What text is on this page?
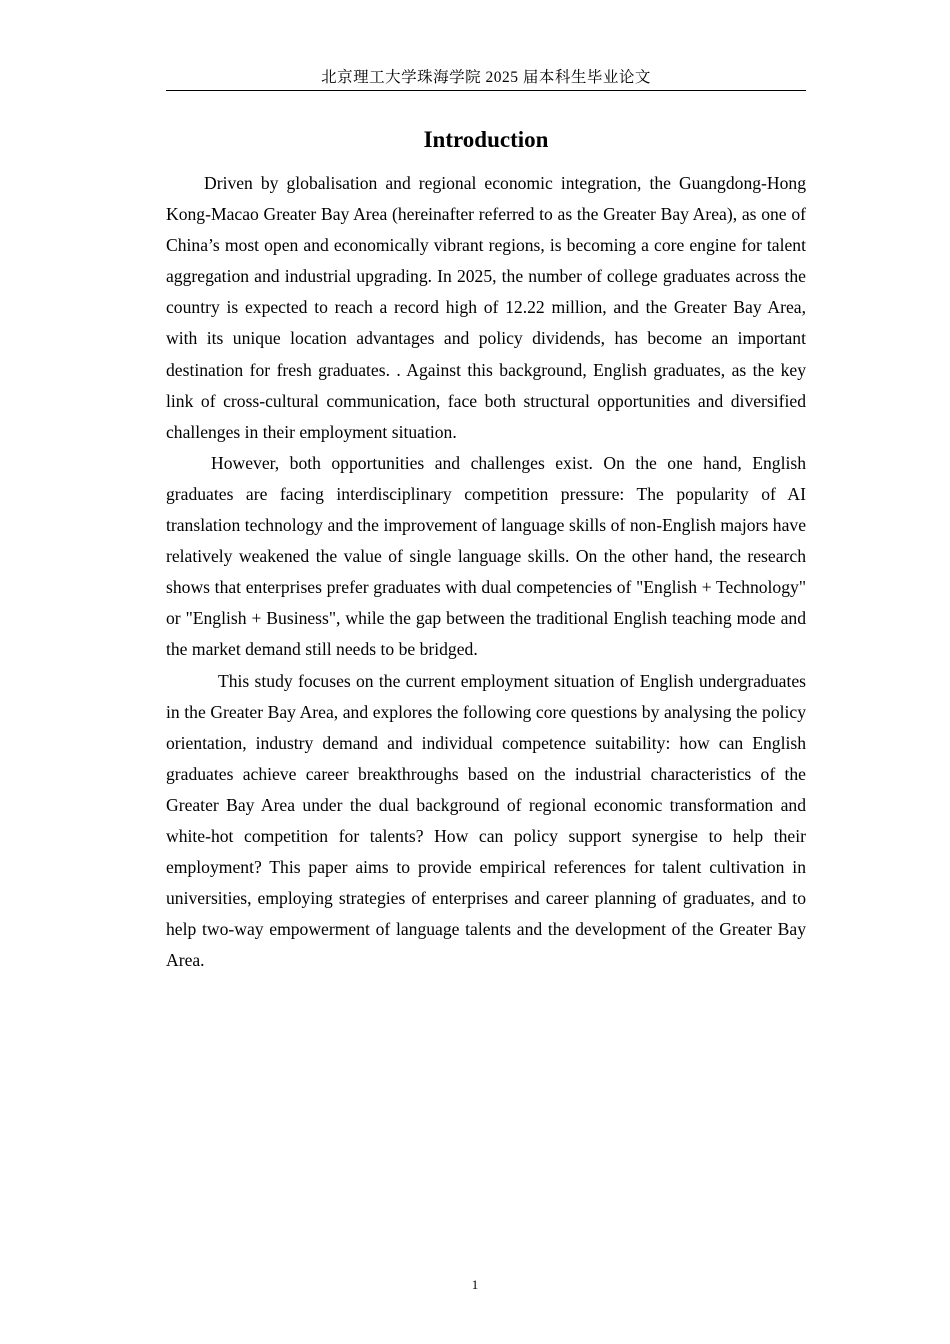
北京理工大学珠海学院 2025 届本科生毕业论文
Introduction

Driven by globalisation and regional economic integration, the Guangdong-Hong Kong-Macao Greater Bay Area (hereinafter referred to as the Greater Bay Area), as one of China’s most open and economically vibrant regions, is becoming a core engine for talent aggregation and industrial upgrading. In 2025, the number of college graduates across the country is expected to reach a record high of 12.22 million, and the Greater Bay Area, with its unique location advantages and policy dividends, has become an important destination for fresh graduates. . Against this background, English graduates, as the key link of cross-cultural communication, face both structural opportunities and diversified challenges in their employment situation.

However, both opportunities and challenges exist. On the one hand, English graduates are facing interdisciplinary competition pressure: The popularity of AI translation technology and the improvement of language skills of non-English majors have relatively weakened the value of single language skills. On the other hand, the research shows that enterprises prefer graduates with dual competencies of "English + Technology" or "English + Business", while the gap between the traditional English teaching mode and the market demand still needs to be bridged.

This study focuses on the current employment situation of English undergraduates in the Greater Bay Area, and explores the following core questions by analysing the policy orientation, industry demand and individual competence suitability: how can English graduates achieve career breakthroughs based on the industrial characteristics of the Greater Bay Area under the dual background of regional economic transformation and white-hot competition for talents? How can policy support synergise to help their employment? This paper aims to provide empirical references for talent cultivation in universities, employing strategies of enterprises and career planning of graduates, and to help two-way empowerment of language talents and the development of the Greater Bay Area.

1
